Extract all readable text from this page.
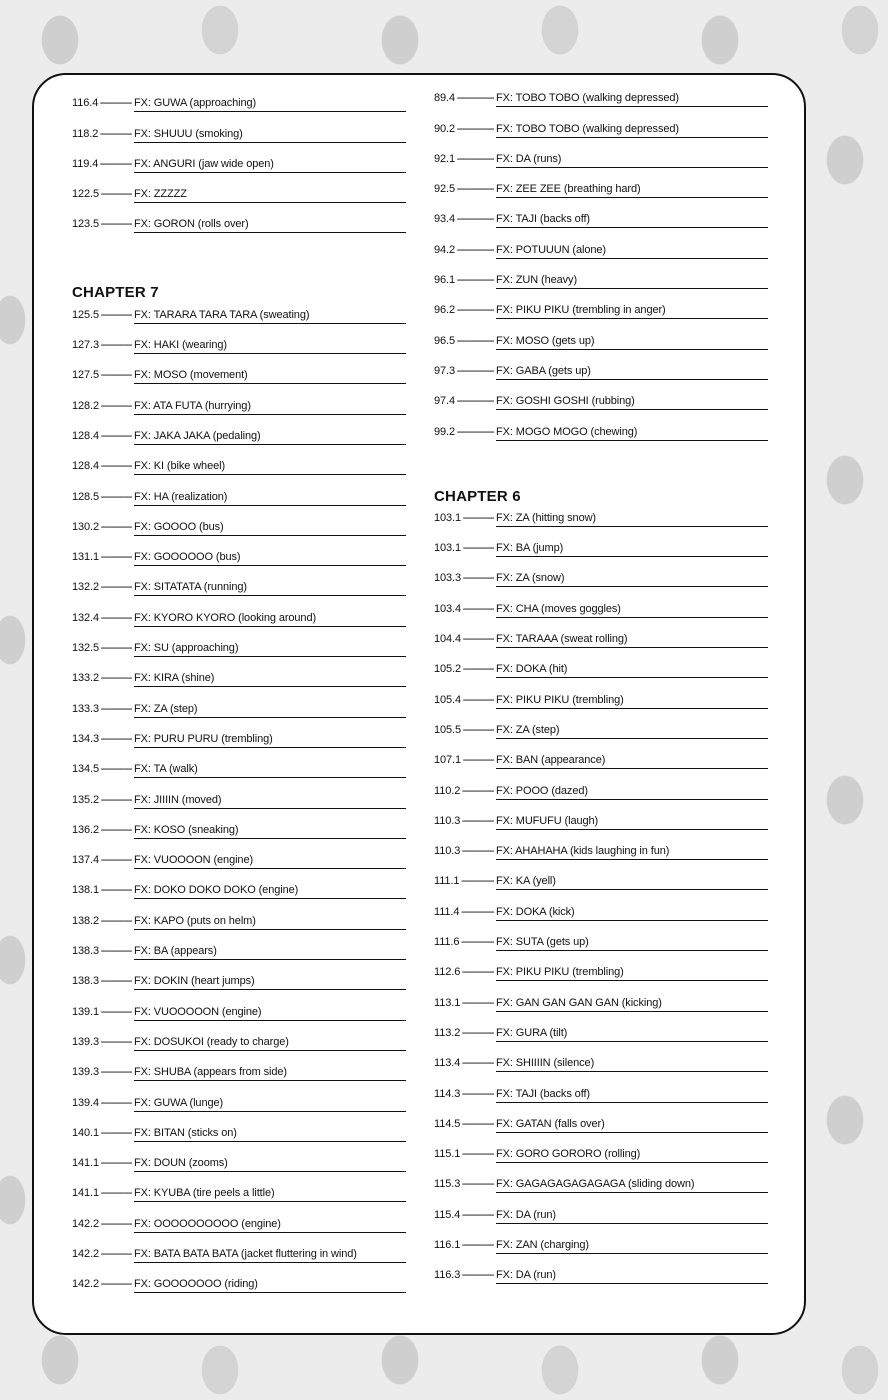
116.4 -----	FX: GUWA (approaching)
118.2 -----	FX: SHUUU (smoking)
119.4 -----	FX: ANGURI (jaw wide open)
122.5 -----	FX: ZZZZZ
123.5 -----	FX: GORON (rolls over)
CHAPTER 7
125.5 -----	FX: TARARA TARA TARA (sweating)
127.3 -----	FX: HAKI (wearing)
127.5 -----	FX: MOSO (movement)
128.2 -----	FX: ATA FUTA (hurrying)
128.4 -----	FX: JAKA JAKA (pedaling)
128.4 -----	FX: KI (bike wheel)
128.5 -----	FX: HA (realization)
130.2 -----	FX: GOOOO (bus)
131.1 -----	FX: GOOOOOO (bus)
132.2 -----	FX: SITATATA (running)
132.4 -----	FX: KYORO KYORO (looking around)
132.5 -----	FX: SU (approaching)
133.2 -----	FX: KIRA (shine)
133.3 -----	FX: ZA (step)
134.3 -----	FX: PURU PURU (trembling)
134.5 -----	FX: TA (walk)
135.2 -----	FX: JIIIIN (moved)
136.2 -----	FX: KOSO (sneaking)
137.4 -----	FX: VUOOOON (engine)
138.1 -----	FX: DOKO DOKO DOKO (engine)
138.2 -----	FX: KAPO (puts on helm)
138.3 -----	FX: BA (appears)
138.3 -----	FX: DOKIN (heart jumps)
139.1 -----	FX: VUOOOOON (engine)
139.3 -----	FX: DOSUKOI (ready to charge)
139.3 -----	FX: SHUBA (appears from side)
139.4 -----	FX: GUWA (lunge)
140.1 -----	FX: BITAN (sticks on)
141.1 -----	FX: DOUN (zooms)
141.1 -----	FX: KYUBA (tire peels a little)
142.2 -----	FX: OOOOOOOOOO (engine)
142.2 -----	FX: BATA BATA BATA (jacket fluttering in wind)
142.2 -----	FX: GOOOOOOO (riding)
89.4 -----	FX: TOBO TOBO (walking depressed)
90.2 -----	FX: TOBO TOBO (walking depressed)
92.1 -----	FX: DA (runs)
92.5 -----	FX: ZEE ZEE (breathing hard)
93.4 -----	FX: TAJI (backs off)
94.2 -----	FX: POTUUUN (alone)
96.1 -----	FX: ZUN (heavy)
96.2 -----	FX: PIKU PIKU (trembling in anger)
96.5 -----	FX: MOSO (gets up)
97.3 -----	FX: GABA (gets up)
97.4 -----	FX: GOSHI GOSHI (rubbing)
99.2 -----	FX: MOGO MOGO (chewing)
CHAPTER 6
103.1 -----	FX: ZA (hitting snow)
103.1 -----	FX: BA (jump)
103.3 -----	FX: ZA (snow)
103.4 -----	FX: CHA (moves goggles)
104.4 -----	FX: TARAAA (sweat rolling)
105.2 -----	FX: DOKA (hit)
105.4 -----	FX: PIKU PIKU (trembling)
105.5 -----	FX: ZA (step)
107.1 -----	FX: BAN (appearance)
110.2 -----	FX: POOO (dazed)
110.3 -----	FX: MUFUFU (laugh)
110.3 -----	FX: AHAHAHA (kids laughing in fun)
111.1 -----	FX: KA (yell)
111.4 -----	FX: DOKA (kick)
111.6 -----	FX: SUTA (gets up)
112.6 -----	FX: PIKU PIKU (trembling)
113.1 -----	FX: GAN GAN GAN GAN (kicking)
113.2 -----	FX: GURA (tilt)
113.4 -----	FX: SHIIIIN (silence)
114.3 -----	FX: TAJI (backs off)
114.5 -----	FX: GATAN (falls over)
115.1 -----	FX: GORO GORORO (rolling)
115.3 -----	FX: GAGAGAGAGAGAGA (sliding down)
115.4 -----	FX: DA (run)
116.1 -----	FX: ZAN (charging)
116.3 -----	FX: DA (run)
